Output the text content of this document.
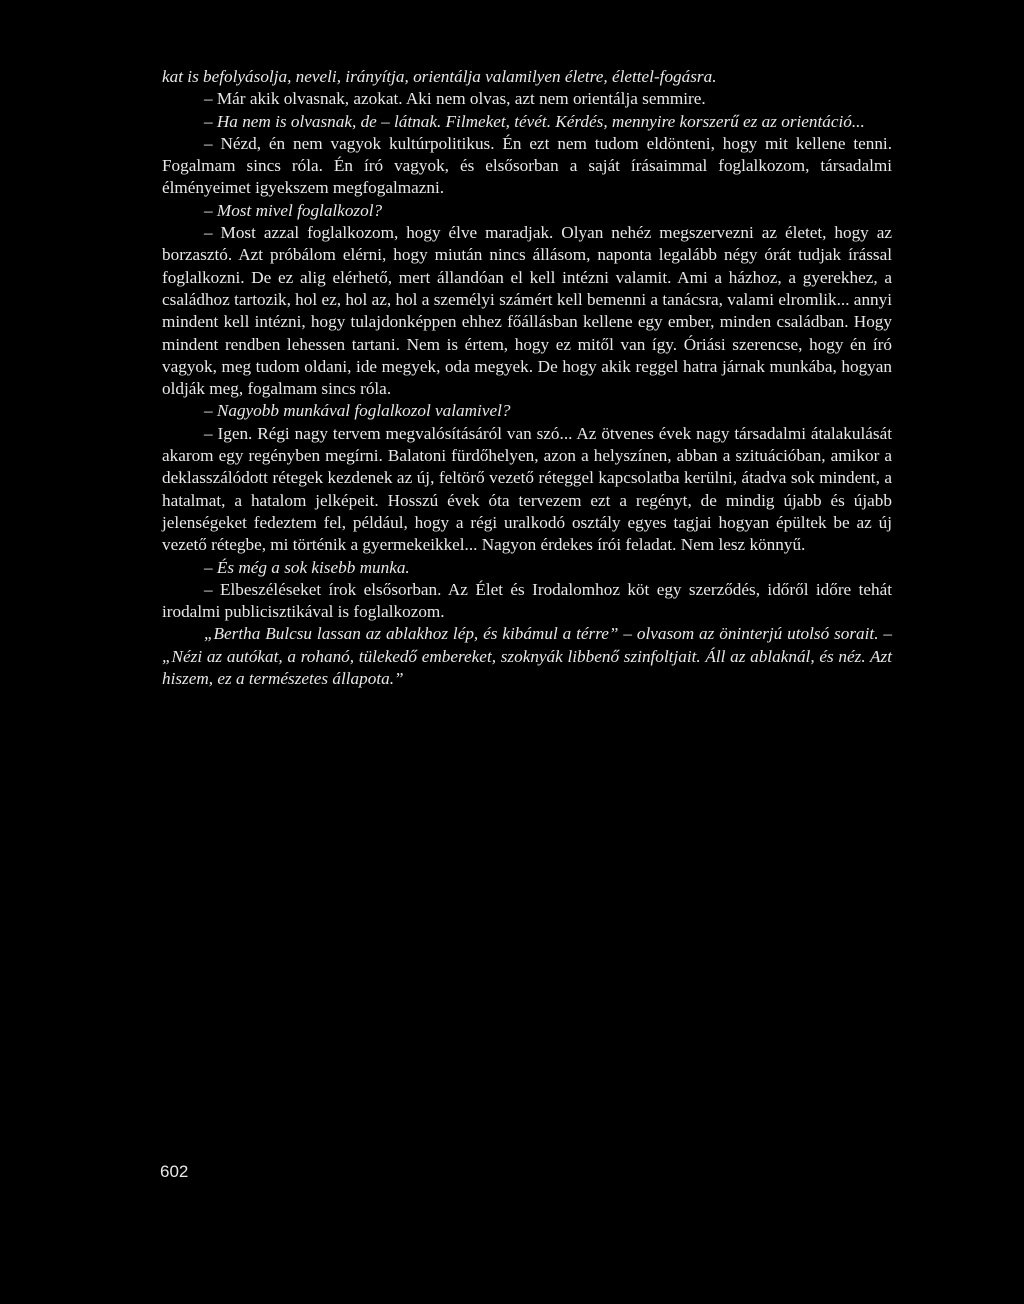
kat is befolyásolja, neveli, irányítja, orientálja valamilyen életre, élettel-fogásra.

– Már akik olvasnak, azokat. Aki nem olvas, azt nem orientálja semmire.

– Ha nem is olvasnak, de – látnak. Filmeket, tévét. Kérdés, mennyire korszerű ez az orientáció...

– Nézd, én nem vagyok kultúrpolitikus. Én ezt nem tudom eldönteni, hogy mit kellene tenni. Fogalmam sincs róla. Én író vagyok, és elsősorban a saját írásaimmal foglalkozom, társadalmi élményeimet igyekszem megfogalmazni.

– Most mivel foglalkozol?

– Most azzal foglalkozom, hogy élve maradjak. Olyan nehéz megszervezni az életet, hogy az borzasztó. Azt próbálom elérni, hogy miután nincs állásom, naponta legalább négy órát tudjak írással foglalkozni. De ez alig elérhető, mert állandóan el kell intézni valamit. Ami a házhoz, a gyerekhez, a családhoz tartozik, hol ez, hol az, hol a személyi számért kell bemenni a tanácsra, valami elromlik... annyi mindent kell intézni, hogy tulajdonképpen ehhez főállásban kellene egy ember, minden családban. Hogy mindent rendben lehessen tartani. Nem is értem, hogy ez mitől van így. Óriási szerencse, hogy én író vagyok, meg tudom oldani, ide megyek, oda megyek. De hogy akik reggel hatra járnak munkába, hogyan oldják meg, fogalmam sincs róla.

– Nagyobb munkával foglalkozol valamivel?

– Igen. Régi nagy tervem megvalósításáról van szó... Az ötvenes évek nagy társadalmi átalakulását akarom egy regényben megírni. Balatoni fürdőhelyen, azon a helyszínen, abban a szituációban, amikor a deklasszálódott rétegek kezdenek az új, feltörő vezető réteggel kapcsolatba kerülni, átadva sok mindent, a hatalmat, a hatalom jelképeit. Hosszú évek óta tervezem ezt a regényt, de mindig újabb és újabb jelenségeket fedeztem fel, például, hogy a régi uralkodó osztály egyes tagjai hogyan épültek be az új vezető rétegbe, mi történik a gyermekeikkel... Nagyon érdekes írói feladat. Nem lesz könnyű.

– És még a sok kisebb munka.

– Elbeszéléseket írok elsősorban. Az Élet és Irodalomhoz köt egy szerződés, időről időre tehát irodalmi publicisztikával is foglalkozom.

„Bertha Bulcsu lassan az ablakhoz lép, és kibámul a térre” – olvasom az öninterjú utolsó sorait. – „Nézi az autókat, a rohanó, tülekedő embereket, szoknyák libbenő szinfoltjait. Áll az ablaknál, és néz. Azt hiszem, ez a természetes állapota.”

602
